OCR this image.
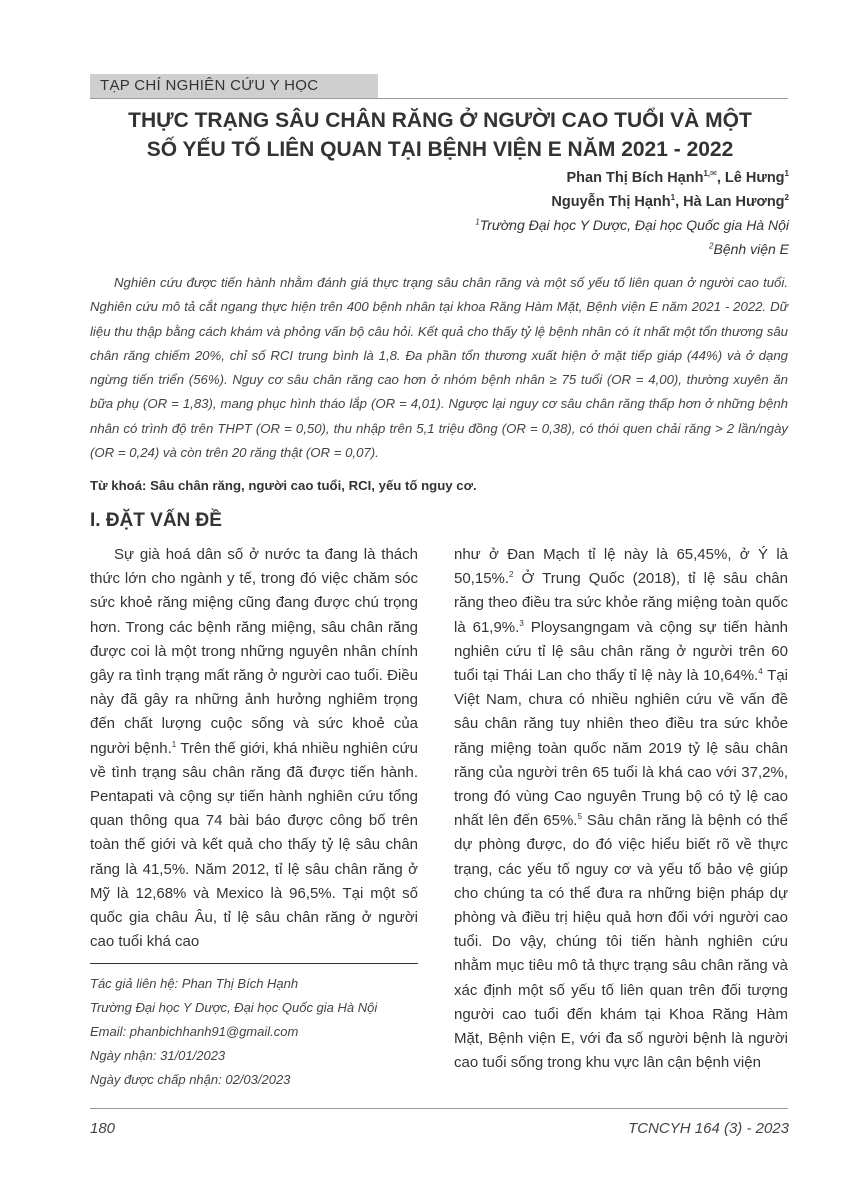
TẠP CHÍ NGHIÊN CỨU Y HỌC
THỰC TRẠNG SÂU CHÂN RĂNG Ở NGƯỜI CAO TUỔI VÀ MỘT
SỐ YẾU TỐ LIÊN QUAN TẠI BỆNH VIỆN E NĂM 2021 - 2022
Phan Thị Bích Hạnh$^{1,✉}$, Lê Hưng$^1$
Nguyễn Thị Hạnh$^1$, Hà Lan Hương$^2$
$^1$Trường Đại học Y Dược, Đại học Quốc gia Hà Nội
$^2$Bệnh viện E
Nghiên cứu được tiến hành nhằm đánh giá thực trạng sâu chân răng và một số yếu tố liên quan ở người cao tuổi. Nghiên cứu mô tả cắt ngang thực hiện trên 400 bệnh nhân tại khoa Răng Hàm Mặt, Bệnh viện E năm 2021 - 2022. Dữ liệu thu thập bằng cách khám và phỏng vấn bộ câu hỏi. Kết quả cho thấy tỷ lệ bệnh nhân có ít nhất một tổn thương sâu chân răng chiếm 20%, chỉ số RCI trung bình là 1,8. Đa phần tổn thương xuất hiện ở mặt tiếp giáp (44%) và ở dạng ngừng tiến triển (56%). Nguy cơ sâu chân răng cao hơn ở nhóm bệnh nhân ≥ 75 tuổi (OR = 4,00), thường xuyên ăn bữa phụ (OR = 1,83), mang phục hình tháo lắp (OR = 4,01). Ngược lại nguy cơ sâu chân răng thấp hơn ở những bệnh nhân có trình độ trên THPT (OR = 0,50), thu nhập trên 5,1 triệu đồng (OR = 0,38), có thói quen chải răng > 2 lần/ngày (OR = 0,24) và còn trên 20 răng thật (OR = 0,07).
Từ khoá: Sâu chân răng, người cao tuổi, RCI, yếu tố nguy cơ.
I. ĐẶT VẤN ĐỀ
Sự già hoá dân số ở nước ta đang là thách thức lớn cho ngành y tế, trong đó việc chăm sóc sức khoẻ răng miệng cũng đang được chú trọng hơn. Trong các bệnh răng miệng, sâu chân răng được coi là một trong những nguyên nhân chính gây ra tình trạng mất răng ở người cao tuổi. Điều này đã gây ra những ảnh hưởng nghiêm trọng đến chất lượng cuộc sống và sức khoẻ của người bệnh.$^1$ Trên thế giới, khá nhiều nghiên cứu về tình trạng sâu chân răng đã được tiến hành. Pentapati và cộng sự tiến hành nghiên cứu tổng quan thông qua 74 bài báo được công bố trên toàn thế giới và kết quả cho thấy tỷ lệ sâu chân răng là 41,5%. Năm 2012, tỉ lệ sâu chân răng ở Mỹ là 12,68% và Mexico là 96,5%. Tại một số quốc gia châu Âu, tỉ lệ sâu chân răng ở người cao tuổi khá cao
như ở Đan Mạch tỉ lệ này là 65,45%, ở Ý là 50,15%.$^2$ Ở Trung Quốc (2018), tỉ lệ sâu chân răng theo điều tra sức khỏe răng miệng toàn quốc là 61,9%.$^3$ Ploysangngam và cộng sự tiến hành nghiên cứu tỉ lệ sâu chân răng ở người trên 60 tuổi tại Thái Lan cho thấy tỉ lệ này là 10,64%.$^4$ Tại Việt Nam, chưa có nhiều nghiên cứu về vấn đề sâu chân răng tuy nhiên theo điều tra sức khỏe răng miệng toàn quốc năm 2019 tỷ lệ sâu chân răng của người trên 65 tuổi là khá cao với 37,2%, trong đó vùng Cao nguyên Trung bộ có tỷ lệ cao nhất lên đến 65%.$^5$ Sâu chân răng là bệnh có thể dự phòng được, do đó việc hiểu biết rõ về thực trạng, các yếu tố nguy cơ và yếu tố bảo vệ giúp cho chúng ta có thể đưa ra những biện pháp dự phòng và điều trị hiệu quả hơn đối với người cao tuổi. Do vậy, chúng tôi tiến hành nghiên cứu nhằm mục tiêu mô tả thực trạng sâu chân răng và xác định một số yếu tố liên quan trên đối tượng người cao tuổi đến khám tại Khoa Răng Hàm Mặt, Bệnh viện E, với đa số người bệnh là người cao tuổi sống trong khu vực lân cận bệnh viện
Tác giả liên hệ: Phan Thị Bích Hạnh
Trường Đại học Y Dược, Đại học Quốc gia Hà Nội
Email: phanbichhanh91@gmail.com
Ngày nhận: 31/01/2023
Ngày được chấp nhận: 02/03/2023
180	TCNCYH 164 (3) - 2023
